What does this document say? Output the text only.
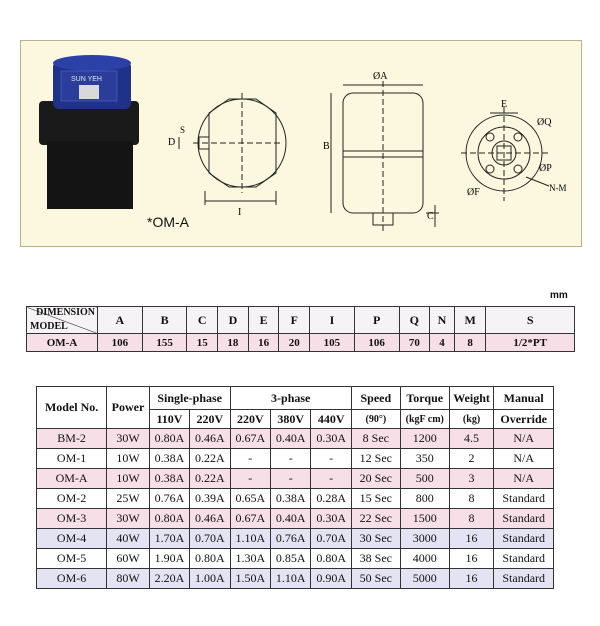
SUN YEH
I
D
S
ØA
B
C
E
ØQ
ØP
N-M
ØF
*OM-A
mm
DIMENSION
MODEL	A	B	C	D	E	F	I	P	Q	N	M	S
OM-A	106	155	15	18	16	20	105	106	70	4	8	1/2*PT
Model No.	Power	Single-phase		3-phase			Speed	Torque	Weight	Manual
		110V	220V	220V	380V	440V	(90°)	(kgF cm)	(kg)	Override
BM-2	30W	0.80A	0.46A	0.67A	0.40A	0.30A	8 Sec	1200	4.5	N/A
OM-1	10W	0.38A	0.22A	-	-	-	12 Sec	350	2	N/A
OM-A	10W	0.38A	0.22A	-	-	-	20 Sec	500	3	N/A
OM-2	25W	0.76A	0.39A	0.65A	0.38A	0.28A	15 Sec	800	8	Standard
OM-3	30W	0.80A	0.46A	0.67A	0.40A	0.30A	22 Sec	1500	8	Standard
OM-4	40W	1.70A	0.70A	1.10A	0.76A	0.70A	30 Sec	3000	16	Standard
OM-5	60W	1.90A	0.80A	1.30A	0.85A	0.80A	38 Sec	4000	16	Standard
OM-6	80W	2.20A	1.00A	1.50A	1.10A	0.90A	50 Sec	5000	16	Standard
